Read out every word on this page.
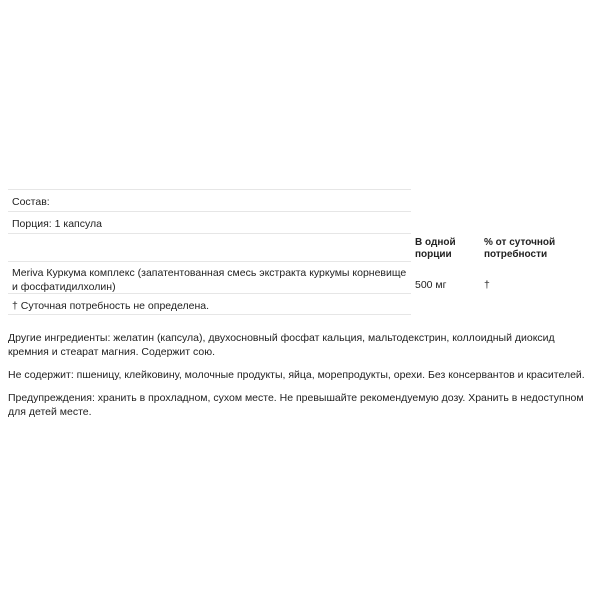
Состав:
Порция: 1 капсула
Meriva Куркума комплекс (запатентованная смесь экстракта куркумы корневище и фосфатидилхолин)
† Суточная потребность не определена.
В одной порции
% от суточной потребности
500 мг	†

Другие ингредиенты: желатин (капсула), двухосновный фосфат кальция, мальтодекстрин, коллоидный диоксид кремния и стеарат магния. Содержит сою.

Не содержит: пшеницу, клейковину, молочные продукты, яйца, морепродукты, орехи. Без консервантов и красителей.

Предупреждения: хранить в прохладном, сухом месте. Не превышайте рекомендуемую дозу. Хранить в недоступном для детей месте.
